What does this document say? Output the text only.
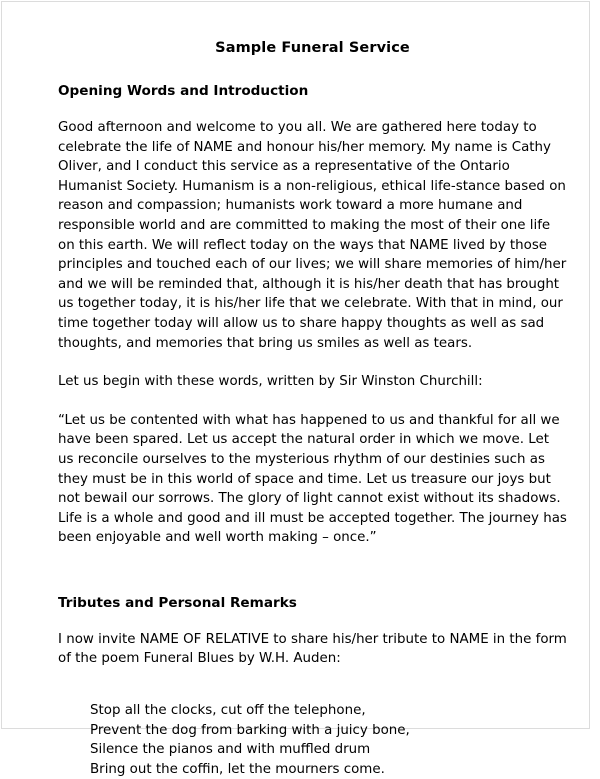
Sample Funeral Service
Opening Words and Introduction

Good afternoon and welcome to you all. We are gathered here today to celebrate the life of NAME and honour his/her memory. My name is Cathy Oliver, and I conduct this service as a representative of the Ontario Humanist Society. Humanism is a non-religious, ethical life-stance based on reason and compassion; humanists work toward a more humane and responsible world and are committed to making the most of their one life on this earth. We will reflect today on the ways that NAME lived by those principles and touched each of our lives; we will share memories of him/her and we will be reminded that, although it is his/her death that has brought us together today, it is his/her life that we celebrate. With that in mind, our time together today will allow us to share happy thoughts as well as sad thoughts, and memories that bring us smiles as well as tears.

Let us begin with these words, written by Sir Winston Churchill:

“Let us be contented with what has happened to us and thankful for all we have been spared. Let us accept the natural order in which we move. Let us reconcile ourselves to the mysterious rhythm of our destinies such as they must be in this world of space and time. Let us treasure our joys but not bewail our sorrows. The glory of light cannot exist without its shadows. Life is a whole and good and ill must be accepted together. The journey has been enjoyable and well worth making – once.”

Tributes and Personal Remarks

I now invite NAME OF RELATIVE to share his/her tribute to NAME in the form of the poem Funeral Blues by W.H. Auden:

Stop all the clocks, cut off the telephone,
Prevent the dog from barking with a juicy bone,
Silence the pianos and with muffled drum
Bring out the coffin, let the mourners come.
